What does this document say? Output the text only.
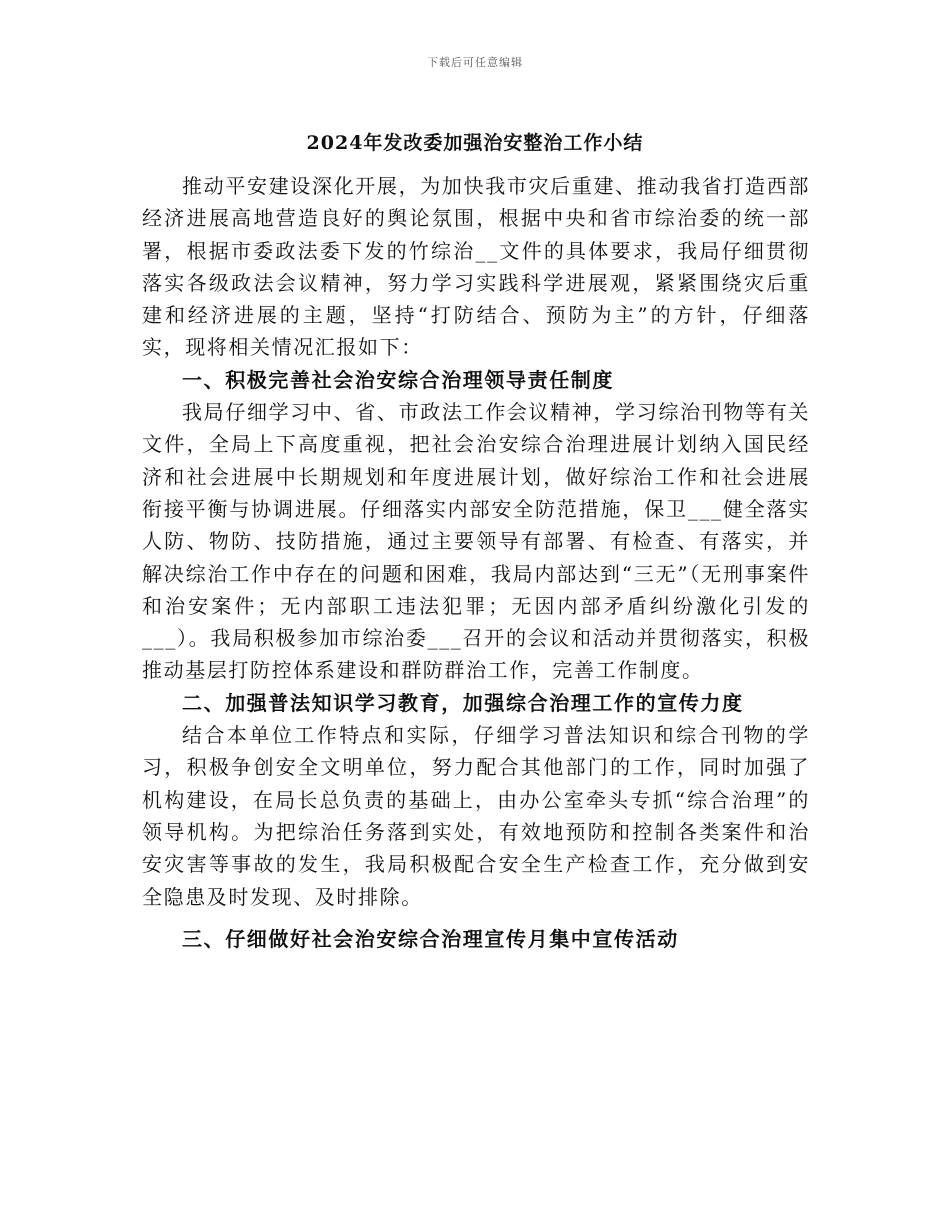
下载后可任意编辑
2024年发改委加强治安整治工作小结

推动平安建设深化开展，为加快我市灾后重建、推动我省打造西部经济进展高地营造良好的舆论氛围，根据中央和省市综治委的统一部署，根据市委政法委下发的竹综治__文件的具体要求，我局仔细贯彻落实各级政法会议精神，努力学习实践科学进展观，紧紧围绕灾后重建和经济进展的主题，坚持“打防结合、预防为主”的方针，仔细落实，现将相关情况汇报如下：

一、积极完善社会治安综合治理领导责任制度

我局仔细学习中、省、市政法工作会议精神，学习综治刊物等有关文件，全局上下高度重视，把社会治安综合治理进展计划纳入国民经济和社会进展中长期规划和年度进展计划，做好综治工作和社会进展衔接平衡与协调进展。仔细落实内部安全防范措施，保卫___健全落实人防、物防、技防措施，通过主要领导有部署、有检查、有落实，并解决综治工作中存在的问题和困难，我局内部达到“三无”（无刑事案件和治安案件；无内部职工违法犯罪；无因内部矛盾纠纷激化引发的___）。我局积极参加市综治委___召开的会议和活动并贯彻落实，积极推动基层打防控体系建设和群防群治工作，完善工作制度。

二、加强普法知识学习教育，加强综合治理工作的宣传力度

结合本单位工作特点和实际，仔细学习普法知识和综合刊物的学习，积极争创安全文明单位，努力配合其他部门的工作，同时加强了机构建设，在局长总负责的基础上，由办公室牵头专抓“综合治理”的领导机构。为把综治任务落到实处，有效地预防和控制各类案件和治安灾害等事故的发生，我局积极配合安全生产检查工作，充分做到安全隐患及时发现、及时排除。

三、仔细做好社会治安综合治理宣传月集中宣传活动
